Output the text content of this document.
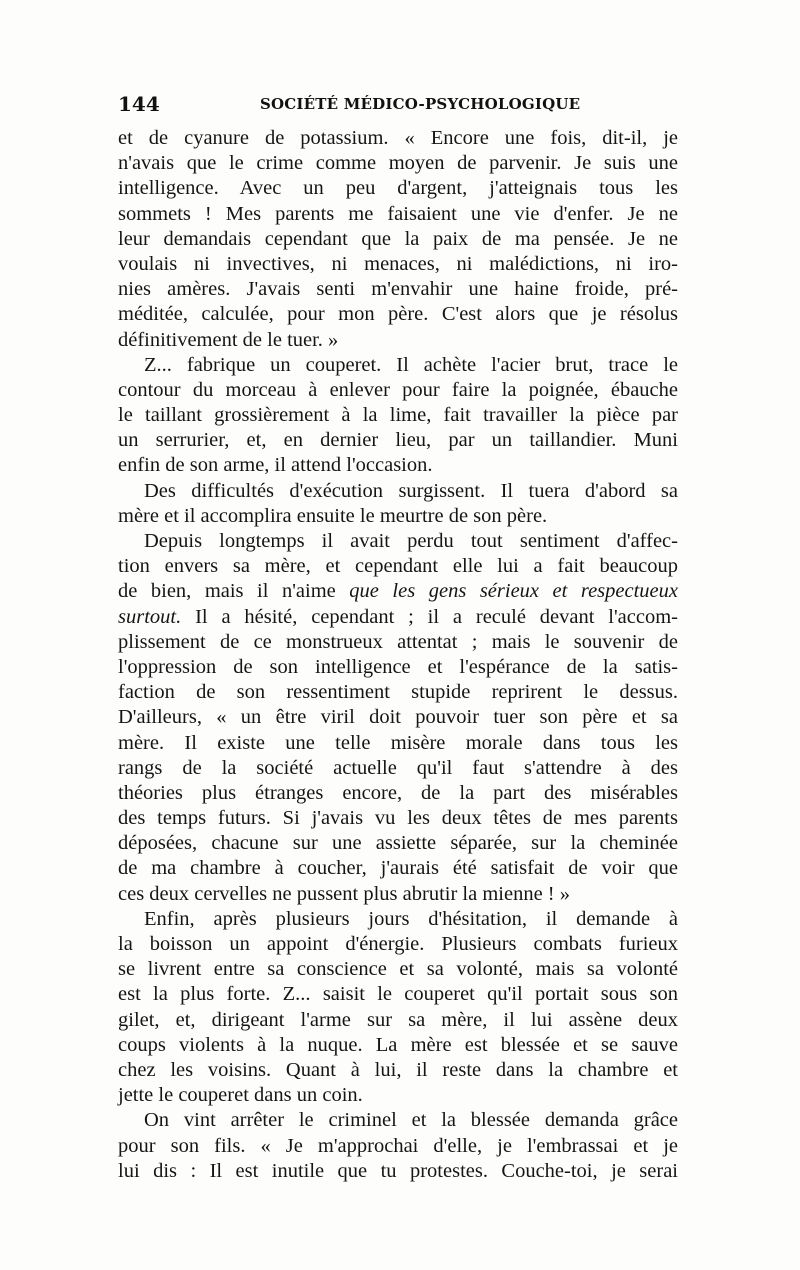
144	SOCIÉTÉ MÉDICO-PSYCHOLOGIQUE
et de cyanure de potassium. « Encore une fois, dit-il, je
n'avais que le crime comme moyen de parvenir. Je suis une
intelligence. Avec un peu d'argent, j'atteignais tous les
sommets ! Mes parents me faisaient une vie d'enfer. Je ne
leur demandais cependant que la paix de ma pensée. Je ne
voulais ni invectives, ni menaces, ni malédictions, ni iro-
nies amères. J'avais senti m'envahir une haine froide, pré-
méditée, calculée, pour mon père. C'est alors que je résolus
définitivement de le tuer. »
Z... fabrique un couperet. Il achète l'acier brut, trace le
contour du morceau à enlever pour faire la poignée, ébauche
le taillant grossièrement à la lime, fait travailler la pièce par
un serrurier, et, en dernier lieu, par un taillandier. Muni
enfin de son arme, il attend l'occasion.
Des difficultés d'exécution surgissent. Il tuera d'abord sa
mère et il accomplira ensuite le meurtre de son père.
Depuis longtemps il avait perdu tout sentiment d'affec-
tion envers sa mère, et cependant elle lui a fait beaucoup
de bien, mais il n'aime que les gens sérieux et respectueux
surtout. Il a hésité, cependant ; il a reculé devant l'accom-
plissement de ce monstrueux attentat ; mais le souvenir de
l'oppression de son intelligence et l'espérance de la satis-
faction de son ressentiment stupide reprirent le dessus.
D'ailleurs, « un être viril doit pouvoir tuer son père et sa
mère. Il existe une telle misère morale dans tous les
rangs de la société actuelle qu'il faut s'attendre à des
théories plus étranges encore, de la part des misérables
des temps futurs. Si j'avais vu les deux têtes de mes parents
déposées, chacune sur une assiette séparée, sur la cheminée
de ma chambre à coucher, j'aurais été satisfait de voir que
ces deux cervelles ne pussent plus abrutir la mienne ! »
Enfin, après plusieurs jours d'hésitation, il demande à
la boisson un appoint d'énergie. Plusieurs combats furieux
se livrent entre sa conscience et sa volonté, mais sa volonté
est la plus forte. Z... saisit le couperet qu'il portait sous son
gilet, et, dirigeant l'arme sur sa mère, il lui assène deux
coups violents à la nuque. La mère est blessée et se sauve
chez les voisins. Quant à lui, il reste dans la chambre et
jette le couperet dans un coin.
On vint arrêter le criminel et la blessée demanda grâce
pour son fils. « Je m'approchai d'elle, je l'embrassai et je
lui dis : Il est inutile que tu protestes. Couche-toi, je serai
